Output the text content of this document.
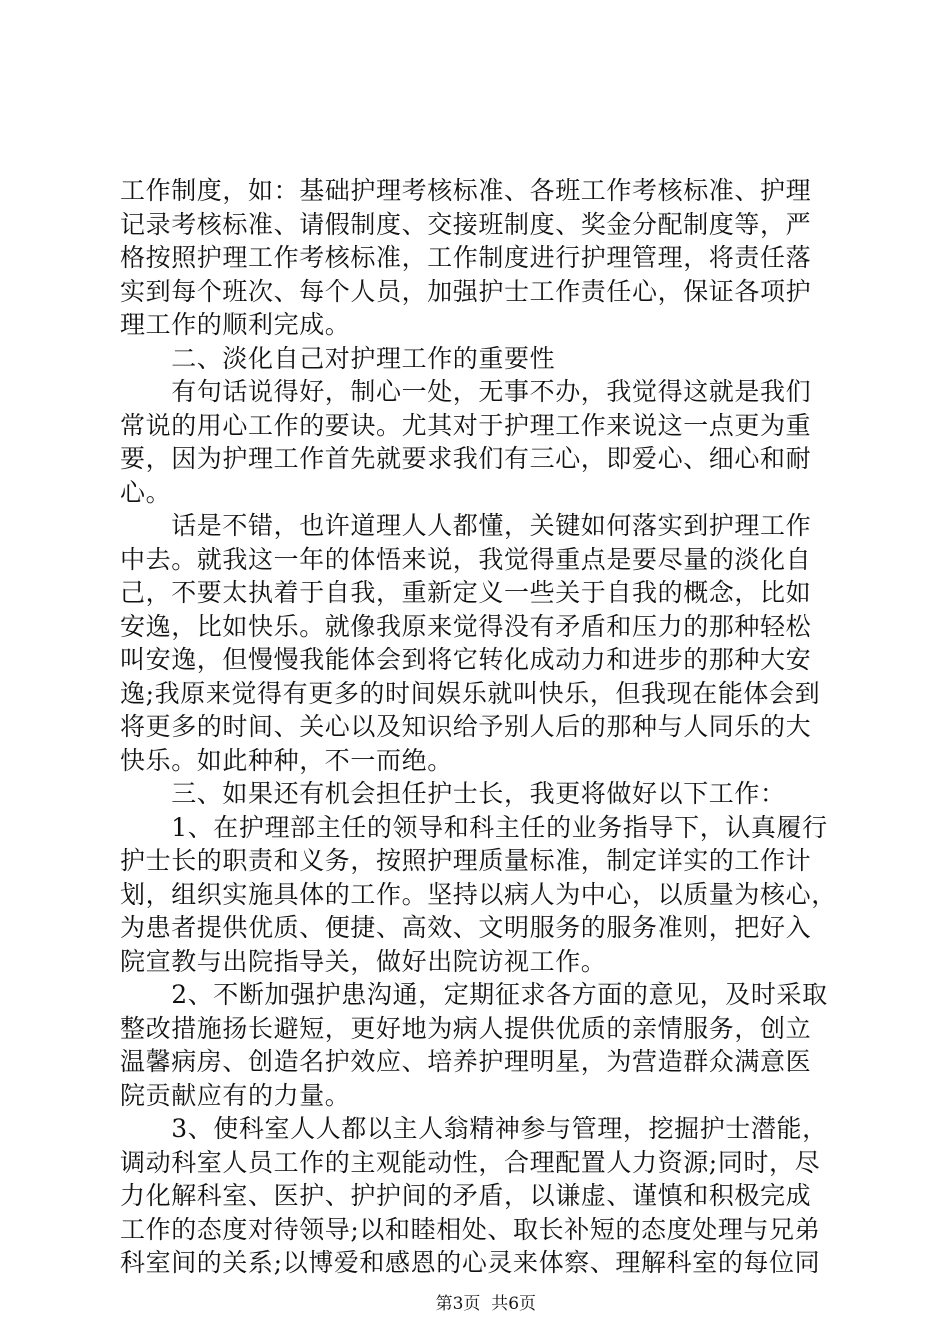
工作制度，如：基础护理考核标准、各班工作考核标准、护理
记录考核标准、请假制度、交接班制度、奖金分配制度等，严
格按照护理工作考核标准，工作制度进行护理管理，将责任落
实到每个班次、每个人员，加强护士工作责任心，保证各项护
理工作的顺利完成。
　　二、淡化自己对护理工作的重要性
　　有句话说得好，制心一处，无事不办，我觉得这就是我们
常说的用心工作的要诀。尤其对于护理工作来说这一点更为重
要，因为护理工作首先就要求我们有三心，即爱心、细心和耐
心。
　　话是不错，也许道理人人都懂，关键如何落实到护理工作
中去。就我这一年的体悟来说，我觉得重点是要尽量的淡化自
己，不要太执着于自我，重新定义一些关于自我的概念，比如
安逸，比如快乐。就像我原来觉得没有矛盾和压力的那种轻松
叫安逸，但慢慢我能体会到将它转化成动力和进步的那种大安
逸;我原来觉得有更多的时间娱乐就叫快乐，但我现在能体会到
将更多的时间、关心以及知识给予别人后的那种与人同乐的大
快乐。如此种种，不一而绝。
　　三、如果还有机会担任护士长，我更将做好以下工作：
　　1、在护理部主任的领导和科主任的业务指导下，认真履行
护士长的职责和义务，按照护理质量标准，制定详实的工作计
划，组织实施具体的工作。坚持以病人为中心，以质量为核心，
为患者提供优质、便捷、高效、文明服务的服务准则，把好入
院宣教与出院指导关，做好出院访视工作。
　　2、不断加强护患沟通，定期征求各方面的意见，及时采取
整改措施扬长避短，更好地为病人提供优质的亲情服务，创立
温馨病房、创造名护效应、培养护理明星，为营造群众满意医
院贡献应有的力量。
　　3、使科室人人都以主人翁精神参与管理，挖掘护士潜能，
调动科室人员工作的主观能动性，合理配置人力资源;同时，尽
力化解科室、医护、护护间的矛盾，以谦虚、谨慎和积极完成
工作的态度对待领导;以和睦相处、取长补短的态度处理与兄弟
科室间的关系;以博爱和感恩的心灵来体察、理解科室的每位同

第3页  共6页
